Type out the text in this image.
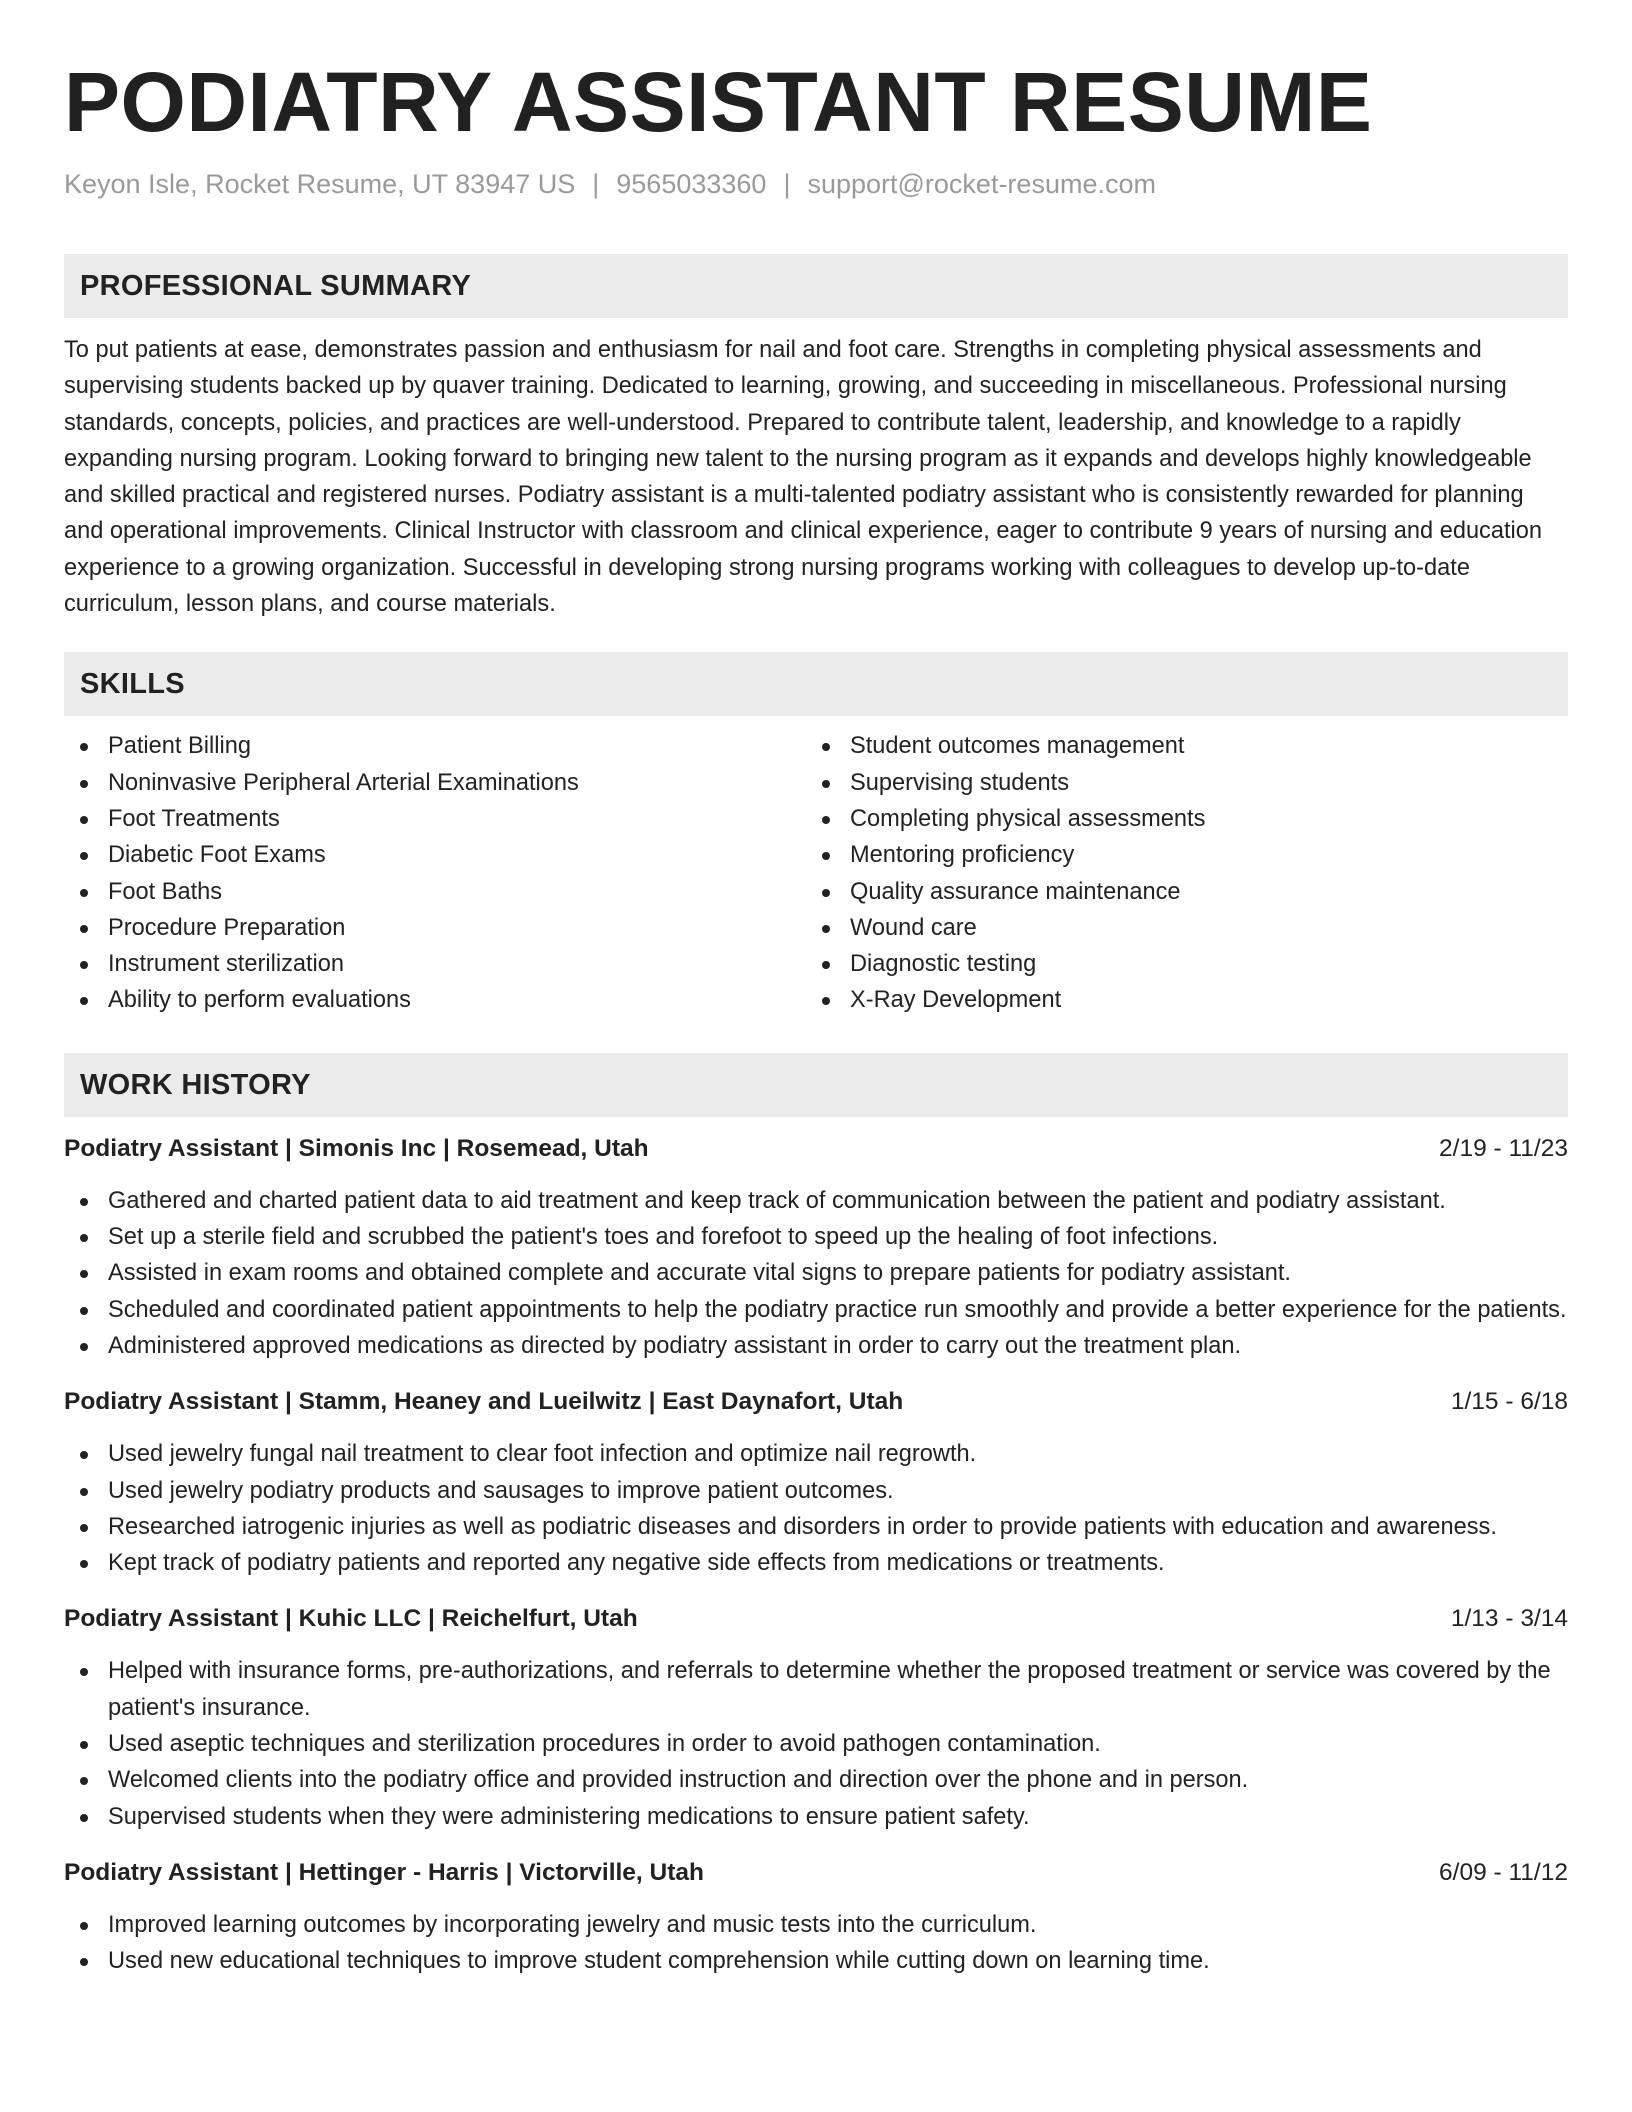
PODIATRY ASSISTANT RESUME
Keyon Isle, Rocket Resume, UT 83947 US | 9565033360 | support@rocket-resume.com
PROFESSIONAL SUMMARY

To put patients at ease, demonstrates passion and enthusiasm for nail and foot care. Strengths in completing physical assessments and supervising students backed up by quaver training. Dedicated to learning, growing, and succeeding in miscellaneous. Professional nursing standards, concepts, policies, and practices are well-understood. Prepared to contribute talent, leadership, and knowledge to a rapidly expanding nursing program. Looking forward to bringing new talent to the nursing program as it expands and develops highly knowledgeable and skilled practical and registered nurses. Podiatry assistant is a multi-talented podiatry assistant who is consistently rewarded for planning and operational improvements. Clinical Instructor with classroom and clinical experience, eager to contribute 9 years of nursing and education experience to a growing organization. Successful in developing strong nursing programs working with colleagues to develop up-to-date curriculum, lesson plans, and course materials.

SKILLS
Patient Billing
Noninvasive Peripheral Arterial Examinations
Foot Treatments
Diabetic Foot Exams
Foot Baths
Procedure Preparation
Instrument sterilization
Ability to perform evaluations
Student outcomes management
Supervising students
Completing physical assessments
Mentoring proficiency
Quality assurance maintenance
Wound care
Diagnostic testing
X-Ray Development
WORK HISTORY
Podiatry Assistant | Simonis Inc | Rosemead, Utah	2/19 - 11/23
Gathered and charted patient data to aid treatment and keep track of communication between the patient and podiatry assistant.
Set up a sterile field and scrubbed the patient's toes and forefoot to speed up the healing of foot infections.
Assisted in exam rooms and obtained complete and accurate vital signs to prepare patients for podiatry assistant.
Scheduled and coordinated patient appointments to help the podiatry practice run smoothly and provide a better experience for the patients.
Administered approved medications as directed by podiatry assistant in order to carry out the treatment plan.
Podiatry Assistant | Stamm, Heaney and Lueilwitz | East Daynafort, Utah	1/15 - 6/18
Used jewelry fungal nail treatment to clear foot infection and optimize nail regrowth.
Used jewelry podiatry products and sausages to improve patient outcomes.
Researched iatrogenic injuries as well as podiatric diseases and disorders in order to provide patients with education and awareness.
Kept track of podiatry patients and reported any negative side effects from medications or treatments.
Podiatry Assistant | Kuhic LLC | Reichelfurt, Utah	1/13 - 3/14
Helped with insurance forms, pre-authorizations, and referrals to determine whether the proposed treatment or service was covered by the patient's insurance.
Used aseptic techniques and sterilization procedures in order to avoid pathogen contamination.
Welcomed clients into the podiatry office and provided instruction and direction over the phone and in person.
Supervised students when they were administering medications to ensure patient safety.
Podiatry Assistant | Hettinger - Harris | Victorville, Utah	6/09 - 11/12
Improved learning outcomes by incorporating jewelry and music tests into the curriculum.
Used new educational techniques to improve student comprehension while cutting down on learning time.
